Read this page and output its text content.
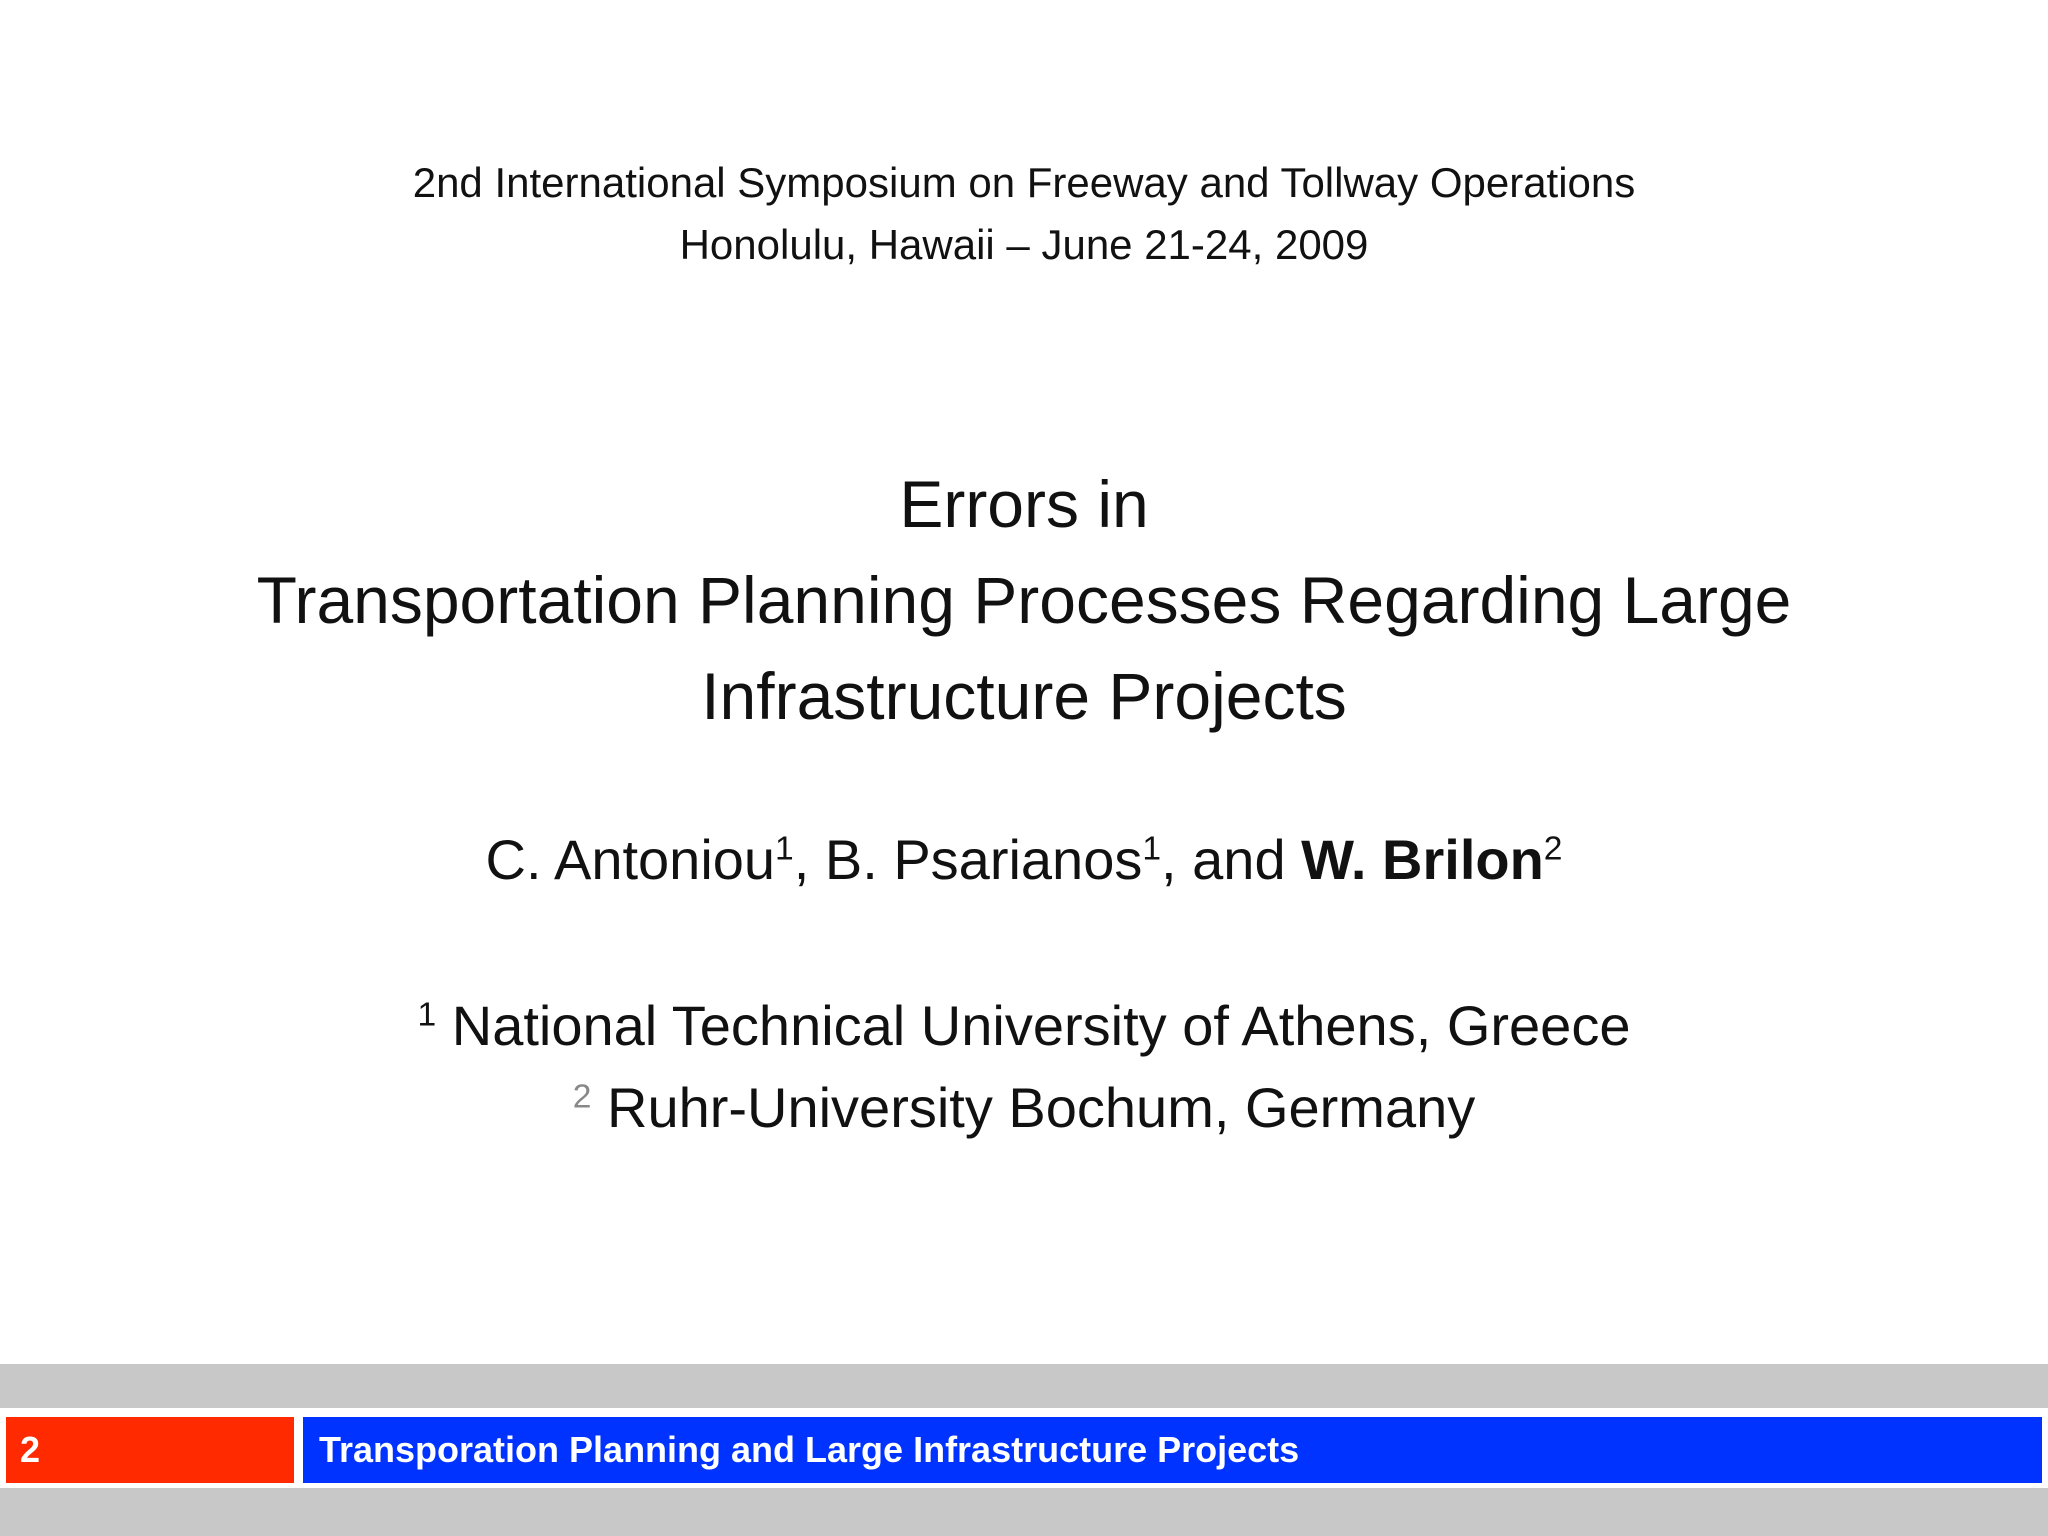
2nd International Symposium on Freeway and Tollway Operations
Honolulu, Hawaii – June 21-24, 2009
Errors in
Transportation Planning Processes Regarding Large
Infrastructure Projects
C. Antoniou$^1$, B. Psarianos$^1$, and W. Brilon$^2$
$^1$ National Technical University of Athens, Greece
$^2$ Ruhr-University Bochum, Germany
2	Transporation Planning and Large Infrastructure Projects
